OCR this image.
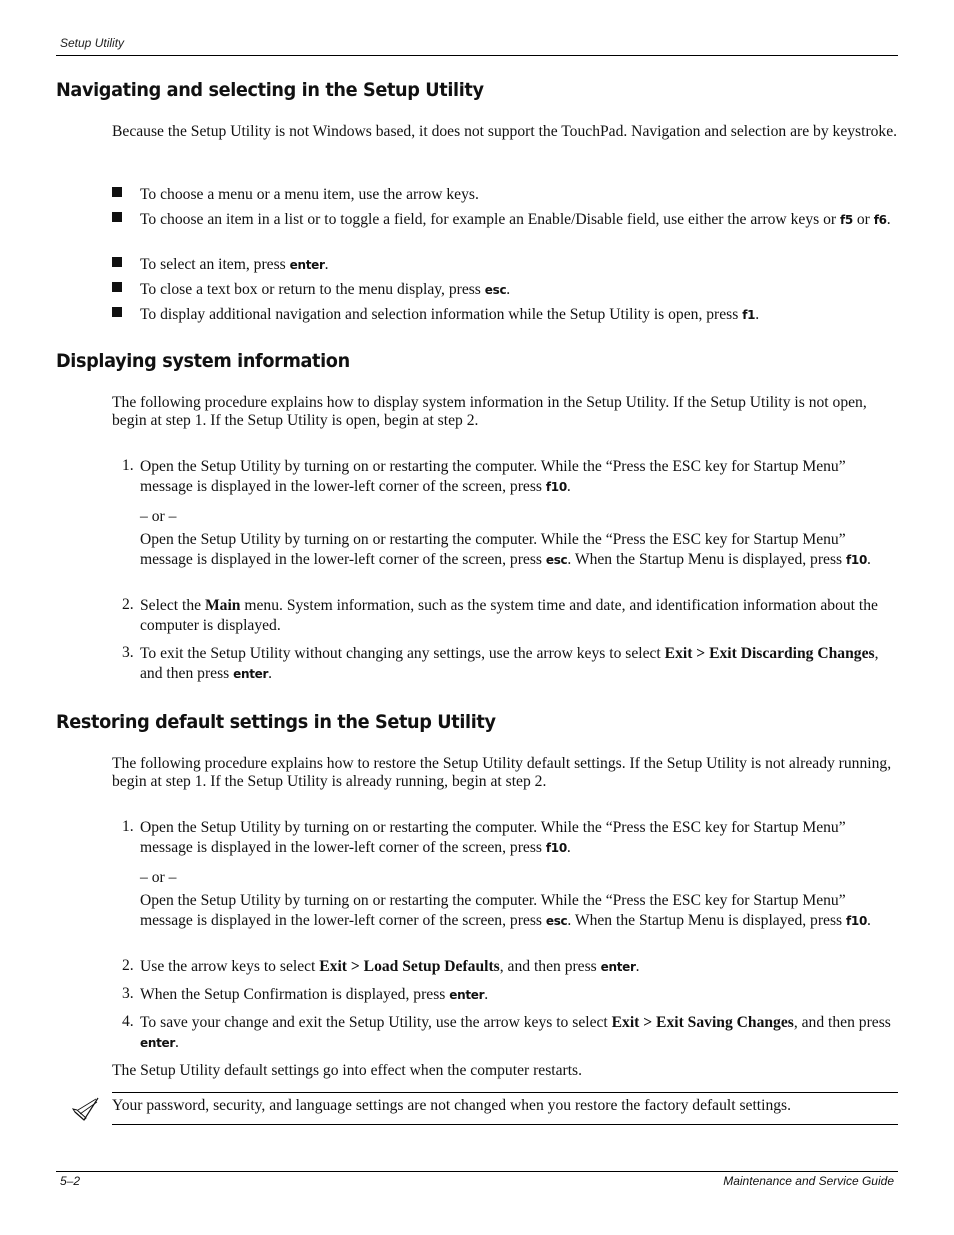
Setup Utility
Navigating and selecting in the Setup Utility
Because the Setup Utility is not Windows based, it does not support the TouchPad. Navigation and selection are by keystroke.
To choose a menu or a menu item, use the arrow keys.
To choose an item in a list or to toggle a field, for example an Enable/Disable field, use either the arrow keys or f5 or f6.
To select an item, press enter.
To close a text box or return to the menu display, press esc.
To display additional navigation and selection information while the Setup Utility is open, press f1.
Displaying system information
The following procedure explains how to display system information in the Setup Utility. If the Setup Utility is not open, begin at step 1. If the Setup Utility is open, begin at step 2.
1. Open the Setup Utility by turning on or restarting the computer. While the “Press the ESC key for Startup Menu” message is displayed in the lower-left corner of the screen, press f10.
– or –
Open the Setup Utility by turning on or restarting the computer. While the “Press the ESC key for Startup Menu” message is displayed in the lower-left corner of the screen, press esc. When the Startup Menu is displayed, press f10.
2. Select the Main menu. System information, such as the system time and date, and identification information about the computer is displayed.
3. To exit the Setup Utility without changing any settings, use the arrow keys to select Exit > Exit Discarding Changes, and then press enter.
Restoring default settings in the Setup Utility
The following procedure explains how to restore the Setup Utility default settings. If the Setup Utility is not already running, begin at step 1. If the Setup Utility is already running, begin at step 2.
1. Open the Setup Utility by turning on or restarting the computer. While the “Press the ESC key for Startup Menu” message is displayed in the lower-left corner of the screen, press f10.
– or –
Open the Setup Utility by turning on or restarting the computer. While the “Press the ESC key for Startup Menu” message is displayed in the lower-left corner of the screen, press esc. When the Startup Menu is displayed, press f10.
2. Use the arrow keys to select Exit > Load Setup Defaults, and then press enter.
3. When the Setup Confirmation is displayed, press enter.
4. To save your change and exit the Setup Utility, use the arrow keys to select Exit > Exit Saving Changes, and then press enter.
The Setup Utility default settings go into effect when the computer restarts.
Your password, security, and language settings are not changed when you restore the factory default settings.
5–2	Maintenance and Service Guide
